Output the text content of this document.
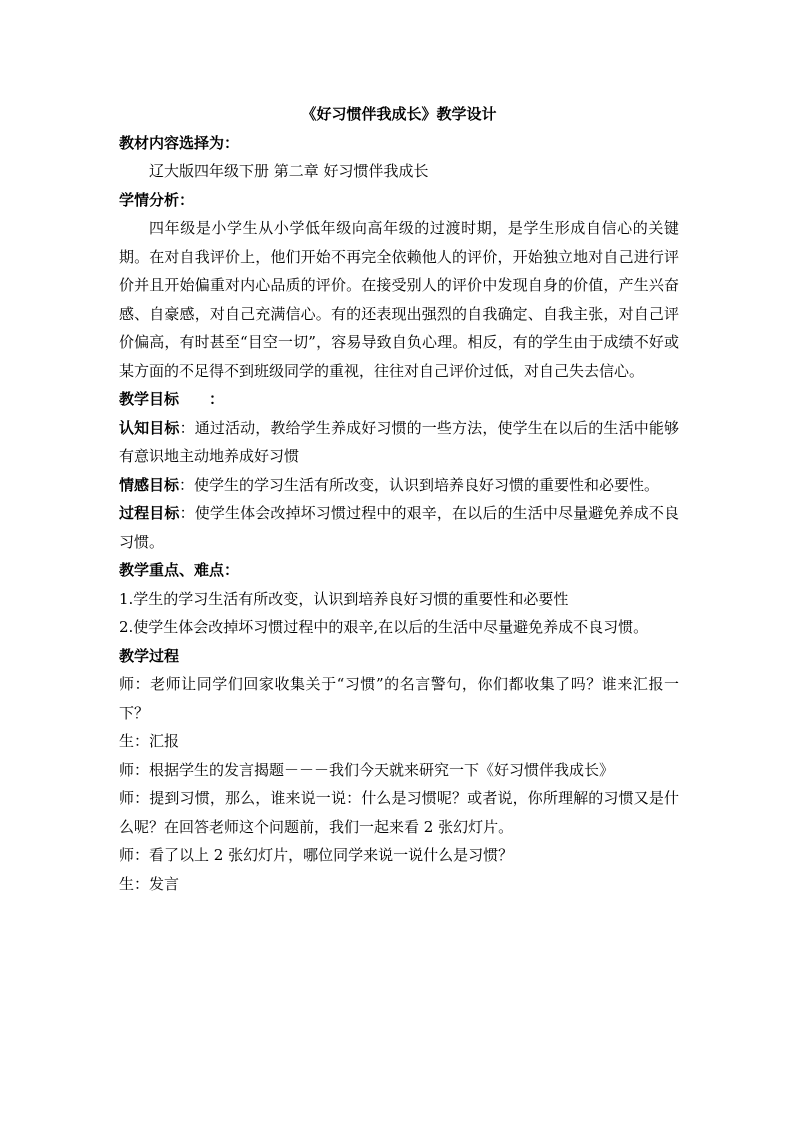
《好习惯伴我成长》教学设计

教材内容选择为：

辽大版四年级下册 第二章 好习惯伴我成长

学情分析：

四年级是小学生从小学低年级向高年级的过渡时期，是学生形成自信心的关键期。在对自我评价上，他们开始不再完全依赖他人的评价，开始独立地对自己进行评价并且开始偏重对内心品质的评价。在接受别人的评价中发现自身的价值，产生兴奋感、自豪感，对自己充满信心。有的还表现出强烈的自我确定、自我主张，对自己评价偏高，有时甚至“目空一切”，容易导致自负心理。相反，有的学生由于成绩不好或某方面的不足得不到班级同学的重视，往往对自己评价过低，对自己失去信心。

教学目标 ：

认知目标：通过活动，教给学生养成好习惯的一些方法，使学生在以后的生活中能够有意识地主动地养成好习惯

情感目标：使学生的学习生活有所改变，认识到培养良好习惯的重要性和必要性。

过程目标：使学生体会改掉坏习惯过程中的艰辛，在以后的生活中尽量避免养成不良习惯。

教学重点、难点：

1.学生的学习生活有所改变，认识到培养良好习惯的重要性和必要性

2.使学生体会改掉坏习惯过程中的艰辛,在以后的生活中尽量避免养成不良习惯。

教学过程

师：老师让同学们回家收集关于“习惯”的名言警句，你们都收集了吗？谁来汇报一下？

生：汇报

师：根据学生的发言揭题－－－我们今天就来研究一下《好习惯伴我成长》

师：提到习惯，那么，谁来说一说：什么是习惯呢？或者说，你所理解的习惯又是什么呢？在回答老师这个问题前，我们一起来看 2 张幻灯片。

师：看了以上 2 张幻灯片，哪位同学来说一说什么是习惯？

生：发言
